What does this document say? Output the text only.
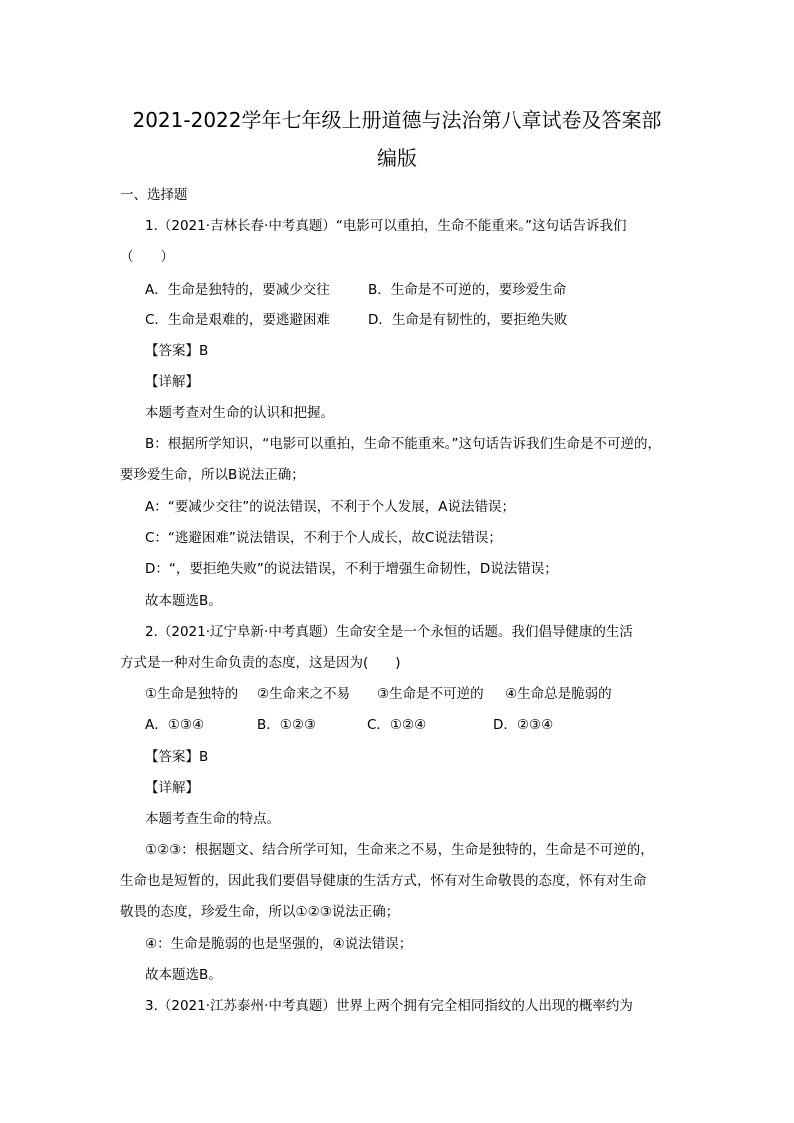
2021-2022学年七年级上册道德与法治第八章试卷及答案部
编版
一、选择题
1.（2021·吉林长春·中考真题）“电影可以重拍，生命不能重来。”这句话告诉我们
（　　）
A．生命是独特的，要减少交往	B．生命是不可逆的，要珍爱生命
C．生命是艰难的，要逃避困难	D．生命是有韧性的，要拒绝失败
【答案】B
【详解】
本题考查对生命的认识和把握。
B：根据所学知识，“电影可以重拍，生命不能重来。”这句话告诉我们生命是不可逆的，
要珍爱生命，所以B说法正确；
A：“要减少交往”的说法错误，不利于个人发展，A说法错误；
C：“逃避困难”说法错误，不利于个人成长，故C说法错误；
D：“，要拒绝失败”的说法错误，不利于增强生命韧性，D说法错误；
故本题选B。
2.（2021·辽宁阜新·中考真题）生命安全是一个永恒的话题。我们倡导健康的生活
方式是一种对生命负责的态度，这是因为(　　)
①生命是独特的 ②生命来之不易 ③生命是不可逆的 ④生命总是脆弱的
A．①③④	B．①②③	C．①②④	D．②③④
【答案】B
【详解】
本题考查生命的特点。
①②③：根据题文、结合所学可知，生命来之不易，生命是独特的，生命是不可逆的，
生命也是短暂的，因此我们要倡导健康的生活方式，怀有对生命敬畏的态度，怀有对生命
敬畏的态度，珍爱生命，所以①②③说法正确；
④：生命是脆弱的也是坚强的，④说法错误；
故本题选B。
3.（2021·江苏泰州·中考真题）世界上两个拥有完全相同指纹的人出现的概率约为
